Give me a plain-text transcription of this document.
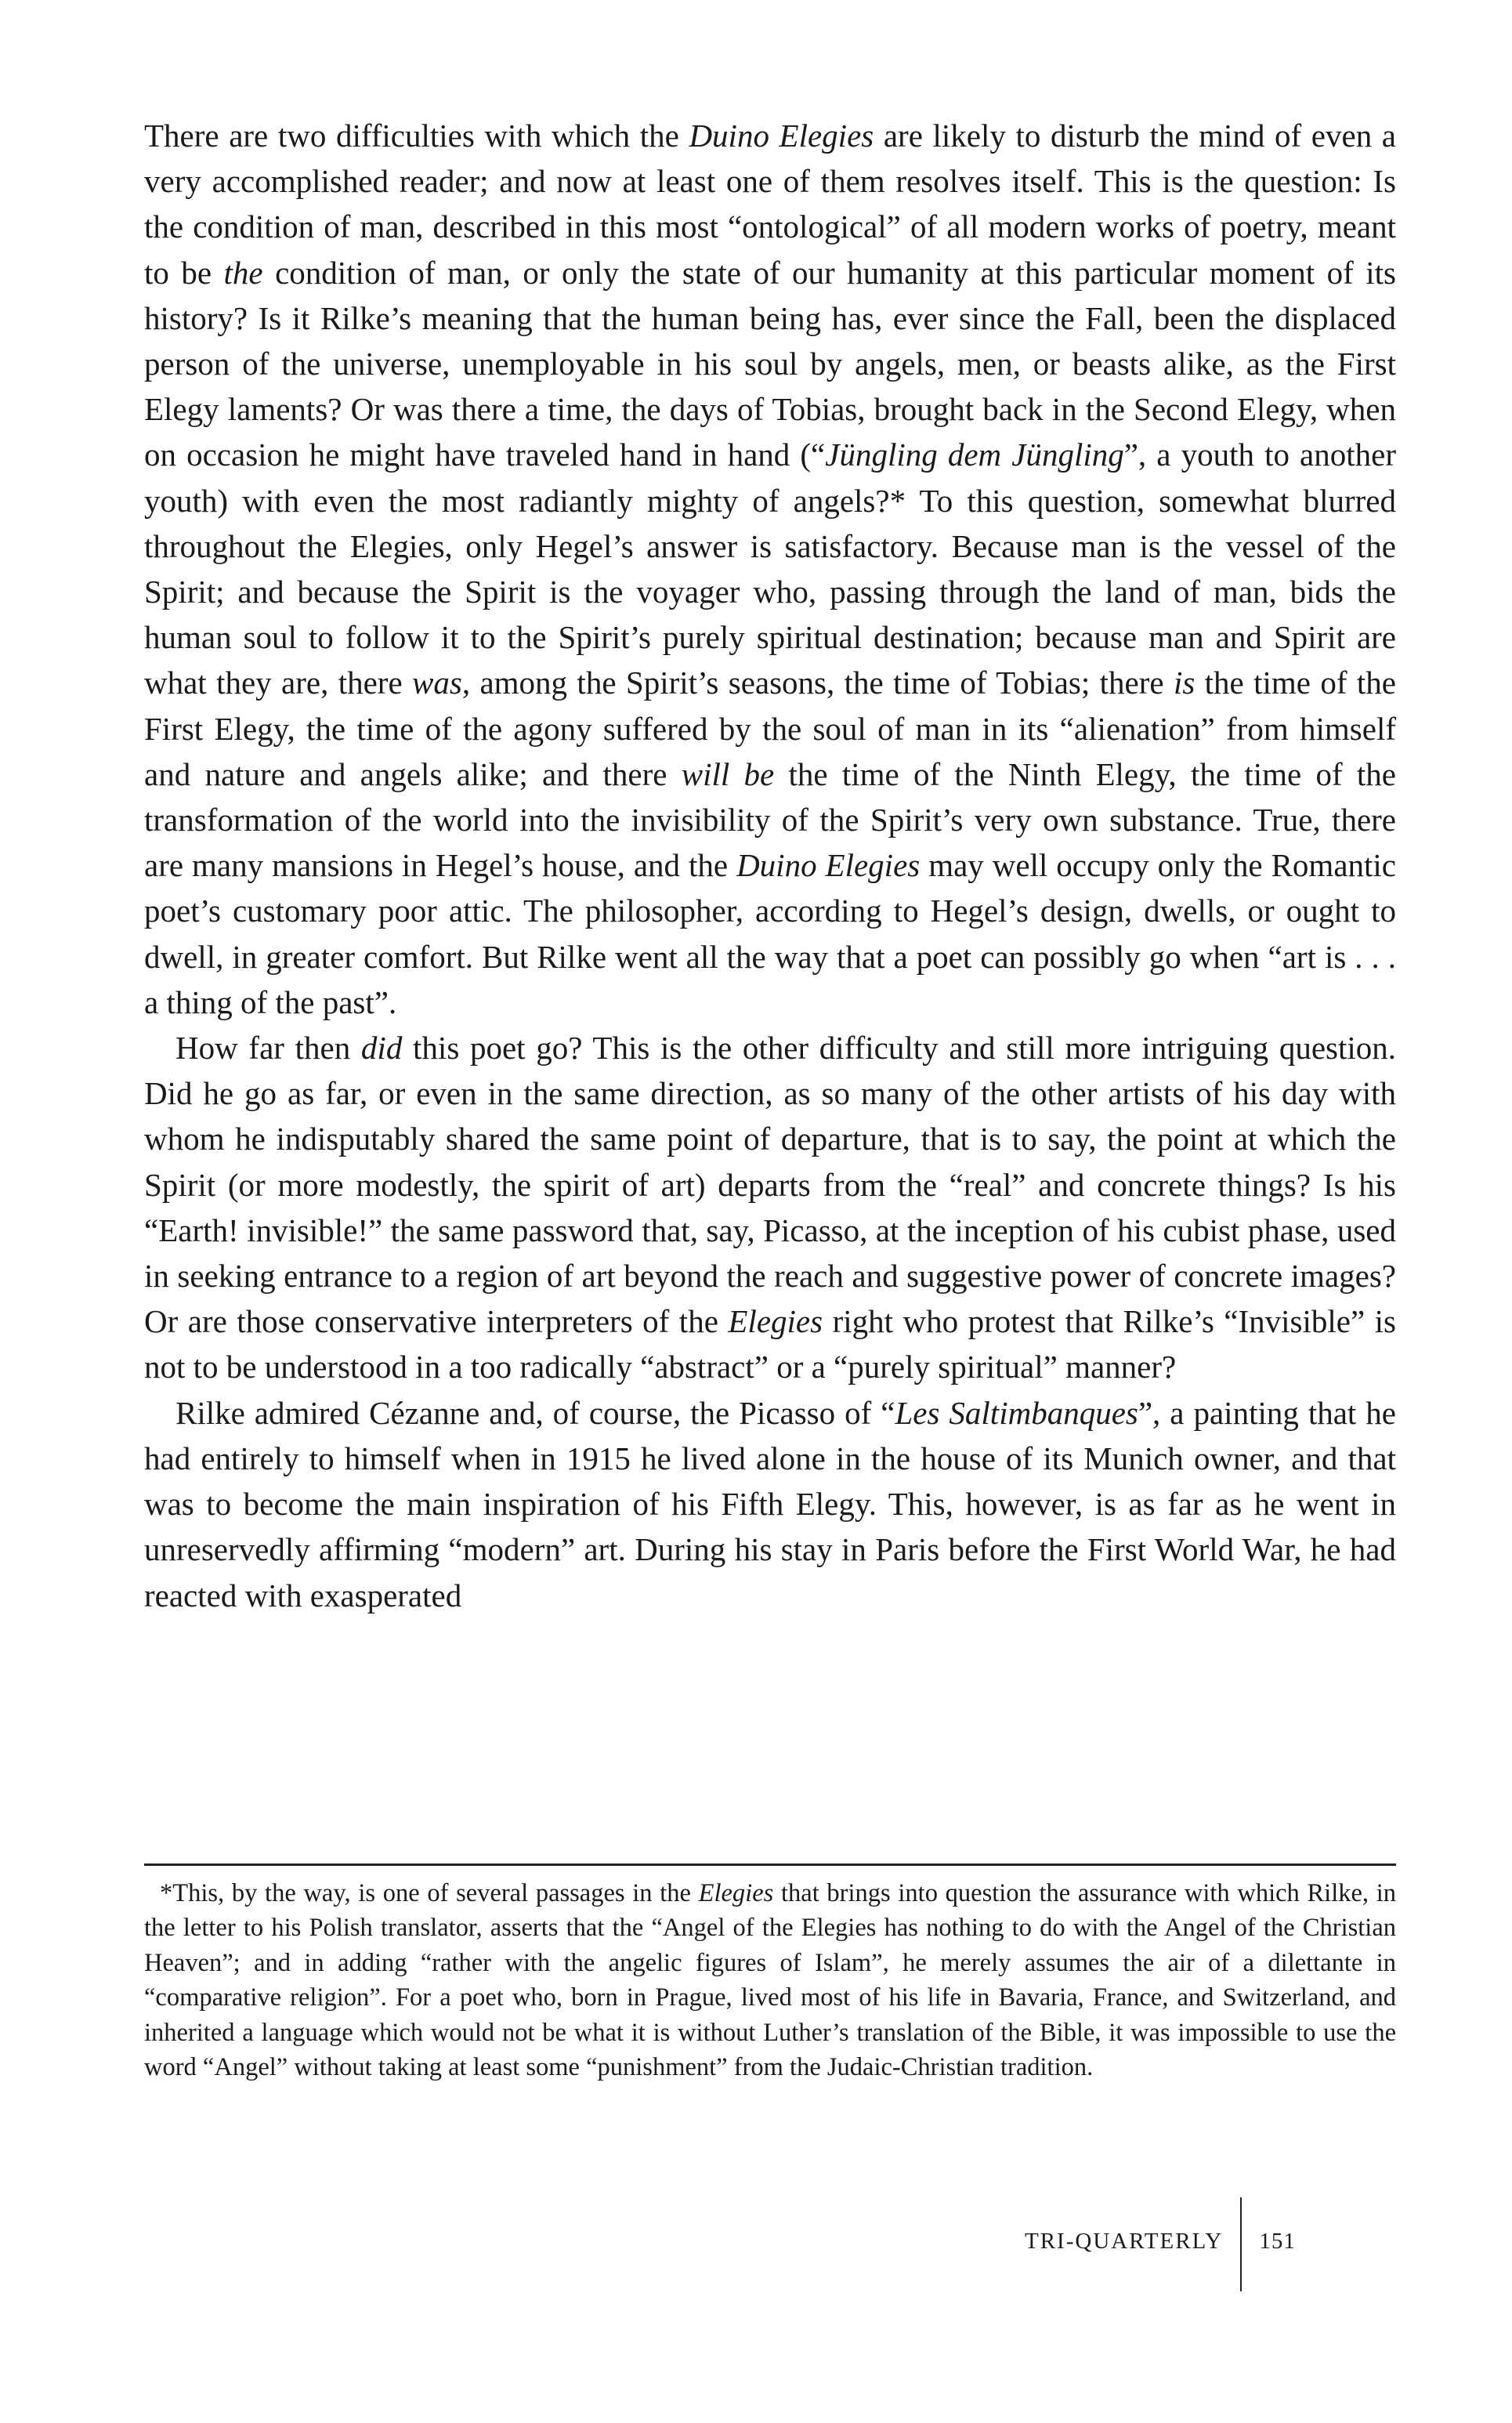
There are two difficulties with which the Duino Elegies are likely to disturb the mind of even a very accomplished reader; and now at least one of them resolves itself. This is the question: Is the condition of man, described in this most “ontological” of all modern works of poetry, meant to be the condition of man, or only the state of our humanity at this particular moment of its history? Is it Rilke’s meaning that the human being has, ever since the Fall, been the displaced person of the universe, unemployable in his soul by angels, men, or beasts alike, as the First Elegy laments? Or was there a time, the days of Tobias, brought back in the Second Elegy, when on occasion he might have traveled hand in hand (“Jüngling dem Jüngling”, a youth to another youth) with even the most radiantly mighty of angels?* To this question, somewhat blurred throughout the Elegies, only Hegel’s answer is satisfactory. Because man is the vessel of the Spirit; and because the Spirit is the voyager who, passing through the land of man, bids the human soul to follow it to the Spirit’s purely spiritual destination; because man and Spirit are what they are, there was, among the Spirit’s seasons, the time of Tobias; there is the time of the First Elegy, the time of the agony suffered by the soul of man in its “alienation” from himself and nature and angels alike; and there will be the time of the Ninth Elegy, the time of the transformation of the world into the invisibility of the Spirit’s very own substance. True, there are many mansions in Hegel’s house, and the Duino Elegies may well occupy only the Romantic poet’s customary poor attic. The philosopher, according to Hegel’s design, dwells, or ought to dwell, in greater comfort. But Rilke went all the way that a poet can possibly go when “art is . . . a thing of the past”.

How far then did this poet go? This is the other difficulty and still more intriguing question. Did he go as far, or even in the same direction, as so many of the other artists of his day with whom he indisputably shared the same point of departure, that is to say, the point at which the Spirit (or more modestly, the spirit of art) departs from the “real” and concrete things? Is his “Earth! invisible!” the same password that, say, Picasso, at the inception of his cubist phase, used in seeking entrance to a region of art beyond the reach and suggestive power of concrete images? Or are those conservative interpreters of the Elegies right who protest that Rilke’s “Invisible” is not to be understood in a too radically “abstract” or a “purely spiritual” manner?

Rilke admired Cézanne and, of course, the Picasso of “Les Saltimbanques”, a painting that he had entirely to himself when in 1915 he lived alone in the house of its Munich owner, and that was to become the main inspiration of his Fifth Elegy. This, however, is as far as he went in unreservedly affirming “modern” art. During his stay in Paris before the First World War, he had reacted with exasperated

*This, by the way, is one of several passages in the Elegies that brings into question the assurance with which Rilke, in the letter to his Polish translator, asserts that the “Angel of the Elegies has nothing to do with the Angel of the Christian Heaven”; and in adding “rather with the angelic figures of Islam”, he merely assumes the air of a dilettante in “comparative religion”. For a poet who, born in Prague, lived most of his life in Bavaria, France, and Switzerland, and inherited a language which would not be what it is without Luther’s translation of the Bible, it was impossible to use the word “Angel” without taking at least some “punishment” from the Judaic-Christian tradition.

TRI-QUARTERLY	151
